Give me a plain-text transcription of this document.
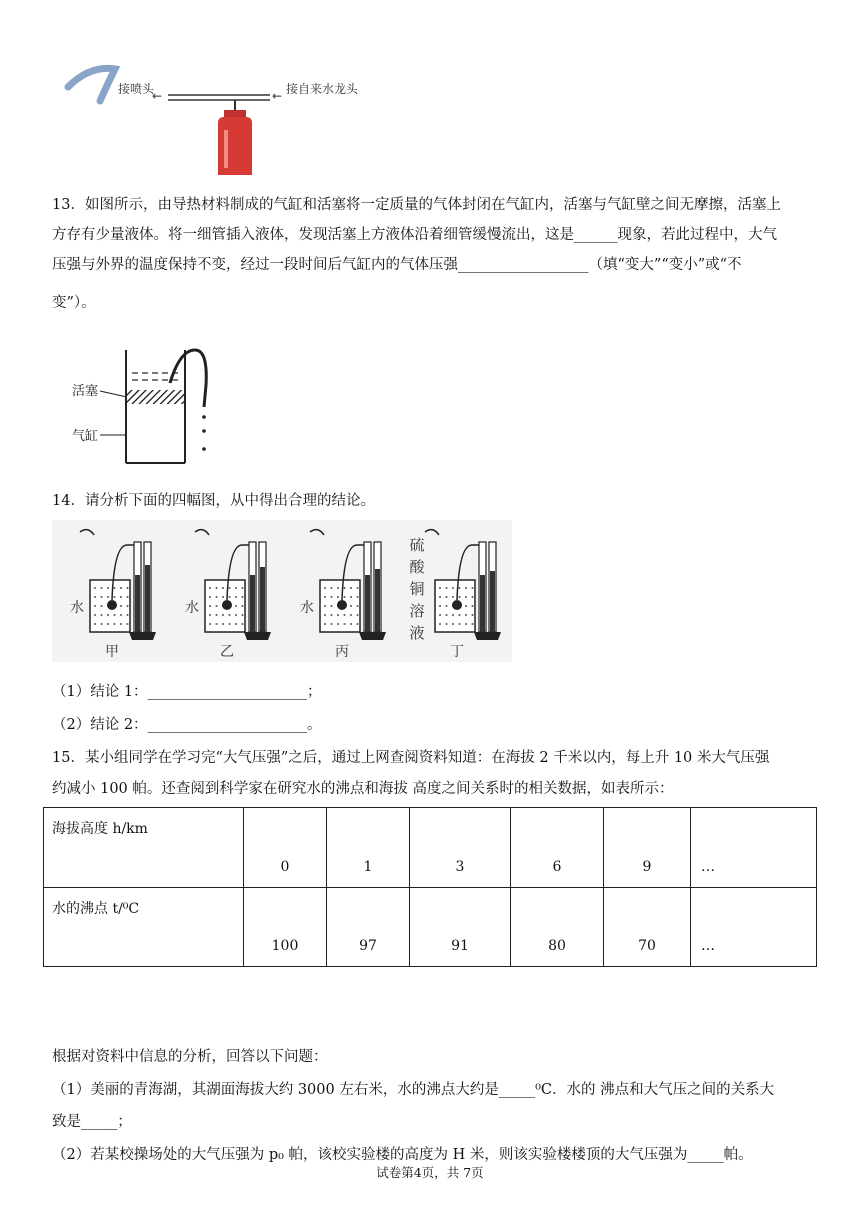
接喷头
←	← 接自来水龙头
13．如图所示，由导热材料制成的气缸和活塞将一定质量的气体封闭在气缸内，活塞与气缸壁之间无摩擦，活塞上
方存有少量液体。将一细管插入液体，发现活塞上方液体沿着细管缓慢流出，这是______现象，若此过程中，大气
压强与外界的温度保持不变，经过一段时间后气缸内的气体压强__________________（填“变大”“变小”或“不
变”）。
活塞
气缸
14．请分析下面的四幅图，从中得出合理的结论。
甲
水
乙
水
丙
水
丁
硫
酸
铜
溶
液
（1）结论 1：______________________；
（2）结论 2：______________________。
15．某小组同学在学习完“大气压强”之后，通过上网查阅资料知道：在海拔 2 千米以内，每上升 10 米大气压强
约减小 100 帕。还查阅到科学家在研究水的沸点和海拔 高度之间关系时的相关数据，如表所示：
海拔高度 h/km	0	1	3	6	9	…
水的沸点 t/⁰C	100	97	91	80	70	…
根据对资料中信息的分析，回答以下问题：
（1）美丽的青海湖，其湖面海拔大约 3000 左右米，水的沸点大约是_____⁰C．水的 沸点和大气压之间的关系大
致是_____；
（2）若某校操场处的大气压强为 p₀ 帕，该校实验楼的高度为 H 米，则该实验楼楼顶的大气压强为_____帕。
试卷第4页，共 7页
